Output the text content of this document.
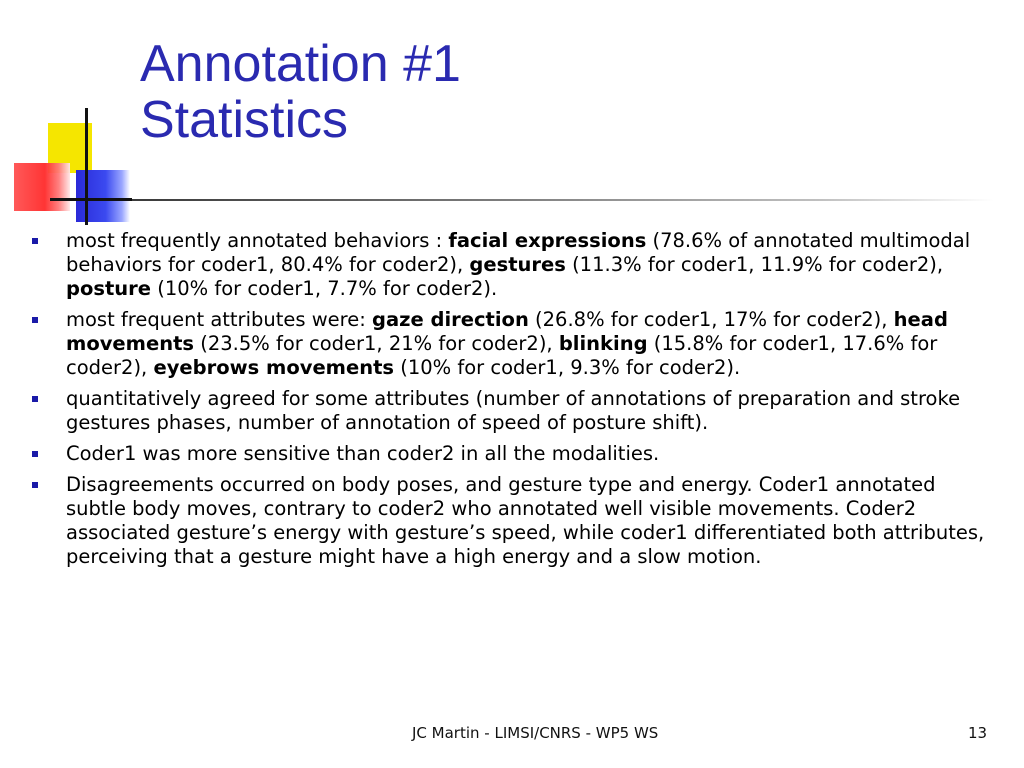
Annotation #1
Statistics
most frequently annotated behaviors : facial expressions (78.6% of annotated multimodal behaviors for coder1, 80.4% for coder2), gestures (11.3% for coder1, 11.9% for coder2), posture (10% for coder1, 7.7% for coder2).
most frequent attributes were: gaze direction (26.8% for coder1, 17% for coder2), head movements (23.5% for coder1, 21% for coder2), blinking (15.8% for coder1, 17.6% for coder2), eyebrows movements (10% for coder1, 9.3% for coder2).
quantitatively agreed for some attributes (number of annotations of preparation and stroke gestures phases, number of annotation of speed of posture shift).
Coder1 was more sensitive than coder2 in all the modalities.
Disagreements occurred on body poses, and gesture type and energy. Coder1 annotated subtle body moves, contrary to coder2 who annotated well visible movements. Coder2 associated gesture’s energy with gesture’s speed, while coder1 differentiated both attributes, perceiving that a gesture might have a high energy and a slow motion.
JC Martin - LIMSI/CNRS - WP5 WS	13
